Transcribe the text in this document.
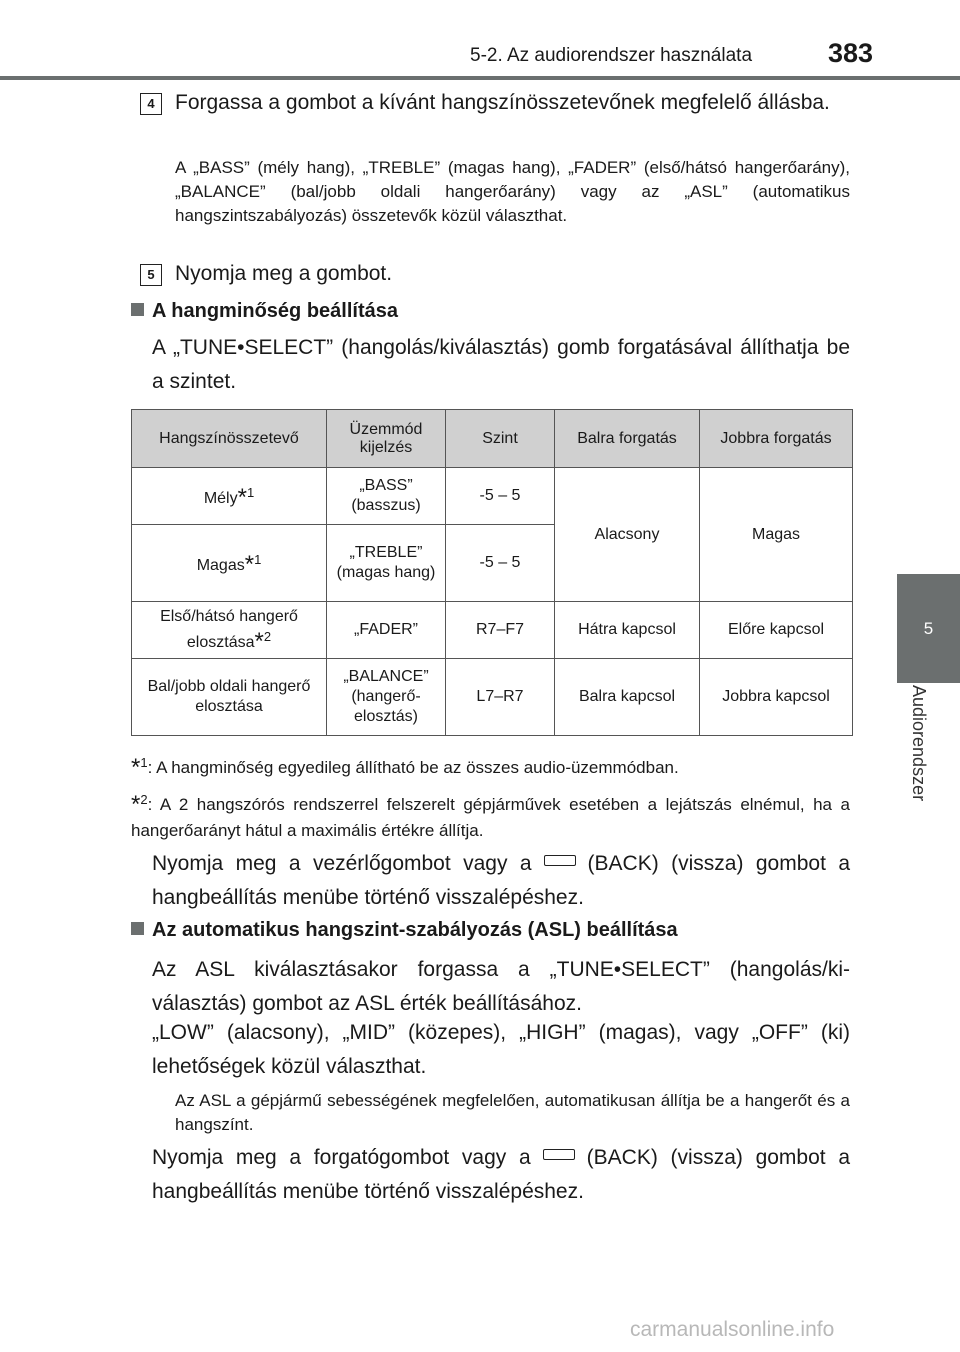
5-2. Az audiorendszer használata	383
5
Audiorendszer
4 Forgassa a gombot a kívánt hangszínösszetevőnek megfelelő állásba.
A „BASS” (mély hang), „TREBLE” (magas hang), „FADER” (első/hátsó hangerőarány), „BALANCE” (bal/jobb oldali hangerőarány) vagy az „ASL” (automatikus hangszintszabályozás) összetevők közül választhat.
5 Nyomja meg a gombot.
A hangminőség beállítása
A „TUNE•SELECT” (hangolás/kiválasztás) gomb forgatásával állíthatja be a szintet.
Hangszínösszetevő	Üzemmód kijelzés	Szint	Balra forgatás	Jobbra forgatás
Mély*$^1$	„BASS” (basszus)	-5 – 5	Alacsony	Magas
Magas*$^1$	„TREBLE” (magas hang)	-5 – 5		
Első/hátsó hangerő elosztása*$^2$	„FADER”	R7–F7	Hátra kapcsol	Előre kapcsol
Bal/jobb oldali hangerő elosztása	„BALANCE” (hangerőelosztás)	L7–R7	Balra kapcsol	Jobbra kapcsol
*$^1$: A hangminőség egyedileg állítható be az összes audio-üzemmódban.
*$^2$: A 2 hangszórós rendszerrel felszerelt gépjárművek esetében a lejátszás elnémul, ha a hangerőarányt hátul a maximális értékre állítja.
Nyomja meg a vezérlőgombot vagy a	(BACK) (vissza) gombot a hangbeállítás menübe történő visszalépéshez.
Az automatikus hangszint-szabályozás (ASL) beállítása
Az ASL kiválasztásakor forgassa a „TUNE•SELECT” (hangolás/kiválasztás) gombot az ASL érték beállításához.
„LOW” (alacsony), „MID” (közepes), „HIGH” (magas), vagy „OFF” (ki) lehetőségek közül választhat.
Az ASL a gépjármű sebességének megfelelően, automatikusan állítja be a hangerőt és a hangszínt.
Nyomja meg a forgatógombot vagy a	(BACK) (vissza) gombot a hangbeállítás menübe történő visszalépéshez.
carmanualsonline.info
